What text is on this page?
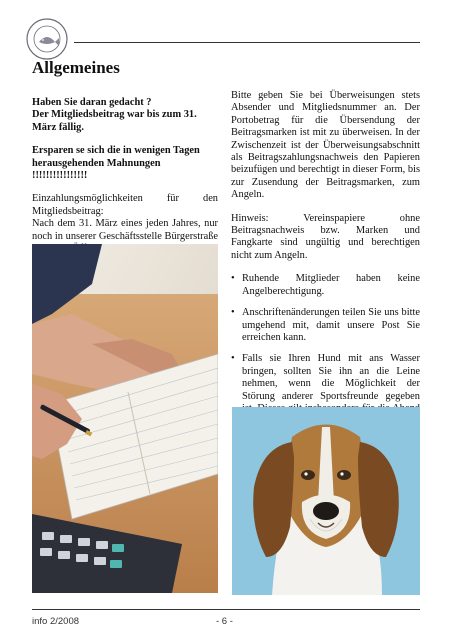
Allgemeines

Haben Sie daran gedacht ?
Der Mitgliedsbeitrag war bis zum 31. März fällig.

Ersparen se sich die in wenigen Tagen herausgehenden Mahnungen !!!!!!!!!!!!!!!!

Einzahlungsmöglichkeiten für den Mitgliedsbeitrag:
Nach dem 31. März eines jeden Jahres, nur noch in unserer Geschäftsstelle Bürgerstraße

Bitte geben Sie bei Überweisungen stets Absender und Mitgliedsnummer an. Der Portobetrag für die Übersendung der Beitragsmarken ist mit zu überweisen. In der Zwischenzeit ist der Überweisungsabschnitt als Beitragszahlungsnachweis den Papieren beizufügen und berechtigt in dieser Form, bis zur Zusendung der Beitragsmarken, zum Angeln.

Hinweis: Vereinspapiere ohne Beitragsnachweis bzw. Marken und Fangkarte sind ungültig und berechtigen nicht zum Angeln.

• Ruhende Mitglieder haben keine Angelberechtigung.
• Anschriftenänderungen teilen Sie uns bitte umgehend mit, damit unsere Post Sie erreichen kann.
• Falls sie Ihren Hund mit ans Wasser bringen, sollten Sie ihn an die Leine nehmen, wenn die Möglichkeit der Störung anderer Sportsfreunde gegeben
info 2/2008	- 6 -
